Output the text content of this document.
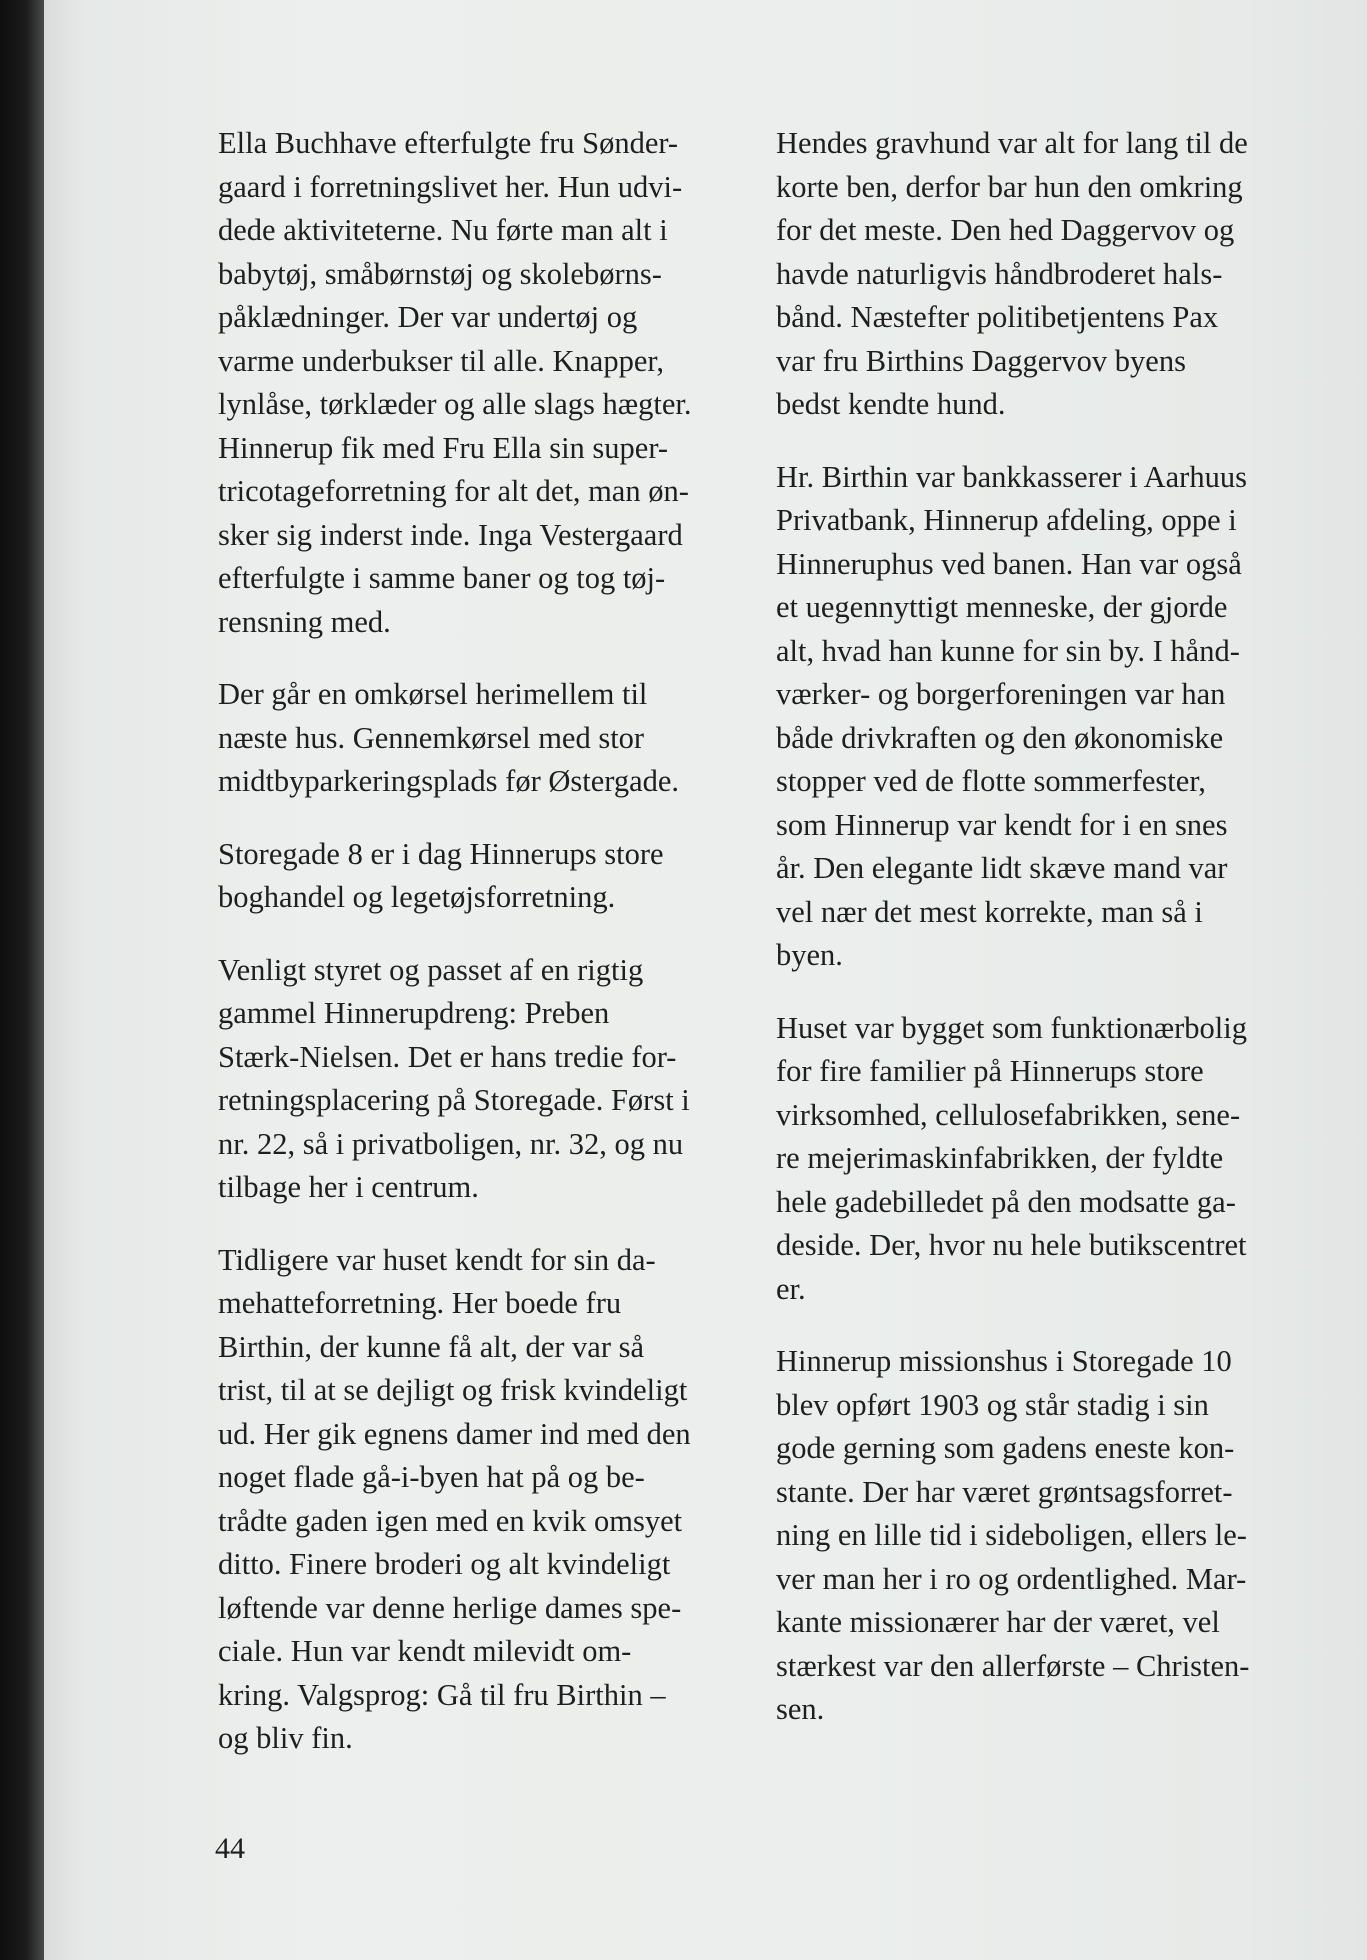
Ella Buchhave efterfulgte fru Sønder-
gaard i forretningslivet her. Hun udvi-
dede aktiviteterne. Nu førte man alt i
babytøj, småbørnstøj og skolebørns-
påklædninger. Der var undertøj og
varme underbukser til alle. Knapper,
lynlåse, tørklæder og alle slags hægter.
Hinnerup fik med Fru Ella sin super-
tricotageforretning for alt det, man øn-
sker sig inderst inde. Inga Vestergaard
efterfulgte i samme baner og tog tøj-
rensning med.
Der går en omkørsel herimellem til
næste hus. Gennemkørsel med stor
midtbyparkeringsplads før Østergade.
Storegade 8 er i dag Hinnerups store
boghandel og legetøjsforretning.
Venligt styret og passet af en rigtig
gammel Hinnerupdreng: Preben
Stærk-Nielsen. Det er hans tredie for-
retningsplacering på Storegade. Først i
nr. 22, så i privatboligen, nr. 32, og nu
tilbage her i centrum.
Tidligere var huset kendt for sin da-
mehatteforretning. Her boede fru
Birthin, der kunne få alt, der var så
trist, til at se dejligt og frisk kvindeligt
ud. Her gik egnens damer ind med den
noget flade gå-i-byen hat på og be-
trådte gaden igen med en kvik omsyet
ditto. Finere broderi og alt kvindeligt
løftende var denne herlige dames spe-
ciale. Hun var kendt milevidt om-
kring. Valgsprog: Gå til fru Birthin –
og bliv fin.
Hendes gravhund var alt for lang til de
korte ben, derfor bar hun den omkring
for det meste. Den hed Daggervov og
havde naturligvis håndbroderet hals-
bånd. Næstefter politibetjentens Pax
var fru Birthins Daggervov byens
bedst kendte hund.
Hr. Birthin var bankkasserer i Aarhuus
Privatbank, Hinnerup afdeling, oppe i
Hinneruphus ved banen. Han var også
et uegennyttigt menneske, der gjorde
alt, hvad han kunne for sin by. I hånd-
værker- og borgerforeningen var han
både drivkraften og den økonomiske
stopper ved de flotte sommerfester,
som Hinnerup var kendt for i en snes
år. Den elegante lidt skæve mand var
vel nær det mest korrekte, man så i
byen.
Huset var bygget som funktionærbolig
for fire familier på Hinnerups store
virksomhed, cellulosefabrikken, sene-
re mejerimaskinfabrikken, der fyldte
hele gadebilledet på den modsatte ga-
deside. Der, hvor nu hele butikscentret
er.
Hinnerup missionshus i Storegade 10
blev opført 1903 og står stadig i sin
gode gerning som gadens eneste kon-
stante. Der har været grøntsagsforret-
ning en lille tid i sideboligen, ellers le-
ver man her i ro og ordentlighed. Mar-
kante missionærer har der været, vel
stærkest var den allerførste – Christen-
sen.
44
